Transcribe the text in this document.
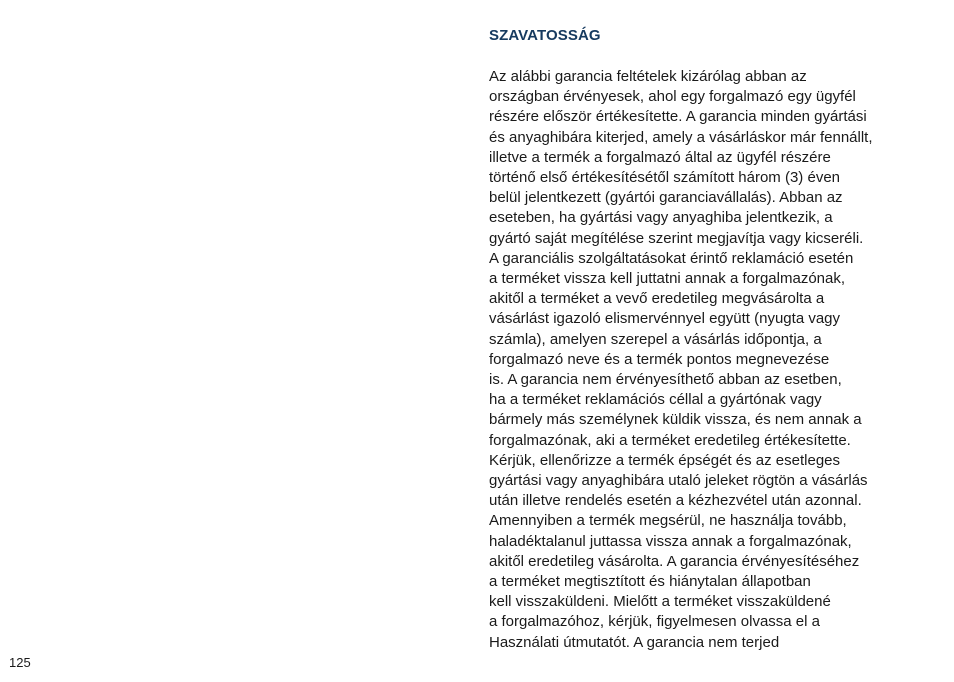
125
SZAVATOSSÁG
Az alábbi garancia feltételek kizárólag abban az
országban érvényesek, ahol egy forgalmazó egy ügyfél
részére először értékesítette. A garancia minden gyártási
és anyaghibára kiterjed, amely a vásárláskor már fennállt,
illetve a termék a forgalmazó által az ügyfél részére
történő első értékesítésétől számított három (3) éven
belül jelentkezett (gyártói garanciavállalás). Abban az
eseteben, ha gyártási vagy anyaghiba jelentkezik, a
gyártó saját megítélése szerint megjavítja vagy kicseréli.
A garanciális szolgáltatásokat érintő reklamáció esetén
a terméket vissza kell juttatni annak a forgalmazónak,
akitől a terméket a vevő eredetileg megvásárolta a
vásárlást igazoló elismervénnyel együtt (nyugta vagy
számla), amelyen szerepel a vásárlás időpontja, a
forgalmazó neve és a termék pontos megnevezése
is. A garancia nem érvényesíthető abban az esetben,
ha a terméket reklamációs céllal a gyártónak vagy
bármely más személynek küldik vissza, és nem annak a
forgalmazónak, aki a terméket eredetileg értékesítette.
Kérjük, ellenőrizze a termék épségét és az esetleges
gyártási vagy anyaghibára utaló jeleket rögtön a vásárlás
után illetve rendelés esetén a kézhezvétel után azonnal.
Amennyiben a termék megsérül, ne használja tovább,
haladéktalanul juttassa vissza annak a forgalmazónak,
akitől eredetileg vásárolta. A garancia érvényesítéséhez
a terméket megtisztított és hiánytalan állapotban
kell visszaküldeni. Mielőtt a terméket visszaküldené
a forgalmazóhoz, kérjük, figyelmesen olvassa el a
Használati útmutatót. A garancia nem terjed
